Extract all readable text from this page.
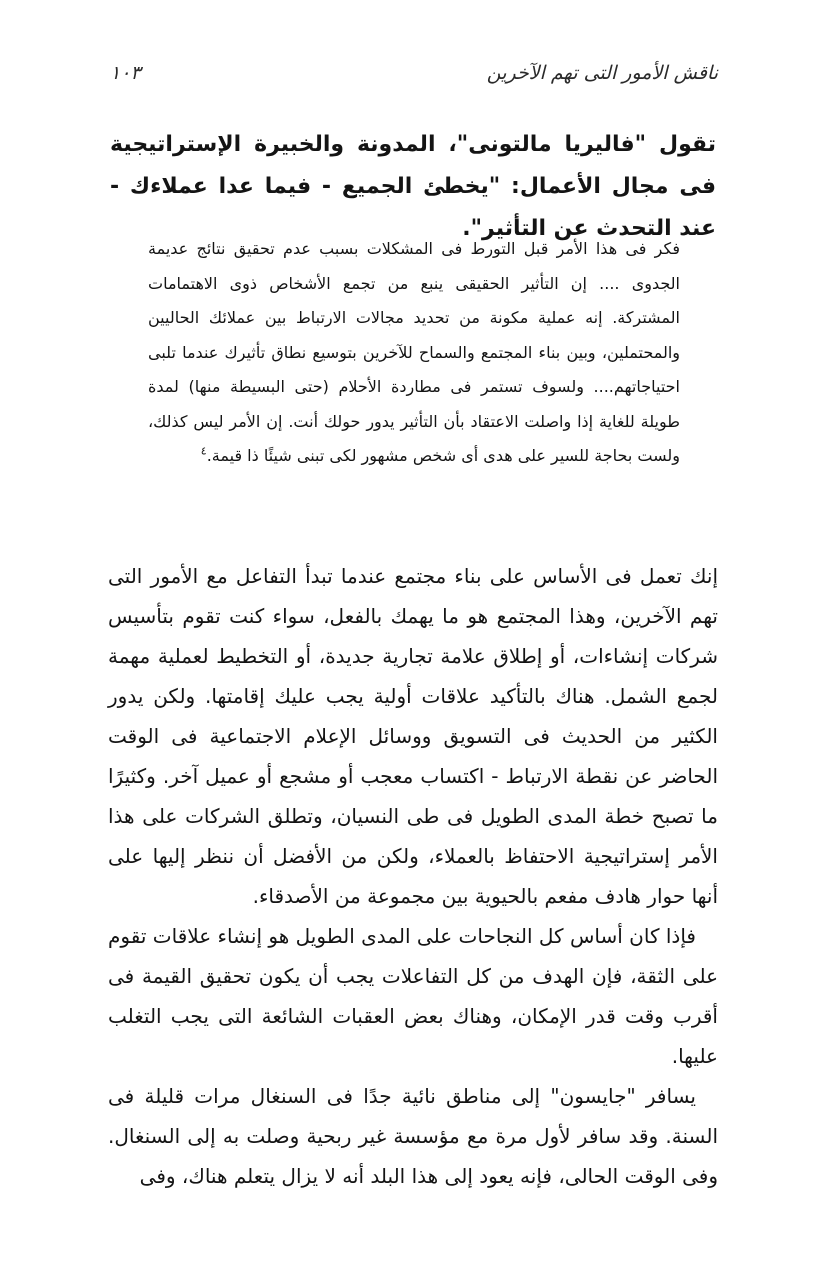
ناقش الأمور التى تهم الآخرين
١٠٣

تقول "فاليريا مالتونى"، المدونة والخبيرة الإستراتيجية فى مجال الأعمال: "يخطئ الجميع - فيما عدا عملاءك - عند التحدث عن التأثير".

فكر فى هذا الأمر قبل التورط فى المشكلات بسبب عدم تحقيق نتائج عديمة الجدوى .... إن التأثير الحقيقى ينبع من تجمع الأشخاص ذوى الاهتمامات المشتركة. إنه عملية مكونة من تحديد مجالات الارتباط بين عملائك الحاليين والمحتملين، وبين بناء المجتمع والسماح للآخرين بتوسيع نطاق تأثيرك عندما تلبى احتياجاتهم.... ولسوف تستمر فى مطاردة الأحلام (حتى البسيطة منها) لمدة طويلة للغاية إذا واصلت الاعتقاد بأن التأثير يدور حولك أنت. إن الأمر ليس كذلك، ولست بحاجة للسير على هدى أى شخص مشهور لكى تبنى شيئًا ذا قيمة.$^٤$

إنك تعمل فى الأساس على بناء مجتمع عندما تبدأ التفاعل مع الأمور التى تهم الآخرين، وهذا المجتمع هو ما يهمك بالفعل، سواء كنت تقوم بتأسيس شركات إنشاءات، أو إطلاق علامة تجارية جديدة، أو التخطيط لعملية مهمة لجمع الشمل. هناك بالتأكيد علاقات أولية يجب عليك إقامتها. ولكن يدور الكثير من الحديث فى التسويق ووسائل الإعلام الاجتماعية فى الوقت الحاضر عن نقطة الارتباط - اكتساب معجب أو مشجع أو عميل آخر. وكثيرًا ما تصبح خطة المدى الطويل فى طى النسيان، وتطلق الشركات على هذا الأمر إستراتيجية الاحتفاظ بالعملاء، ولكن من الأفضل أن ننظر إليها على أنها حوار هادف مفعم بالحيوية بين مجموعة من الأصدقاء.

فإذا كان أساس كل النجاحات على المدى الطويل هو إنشاء علاقات تقوم على الثقة، فإن الهدف من كل التفاعلات يجب أن يكون تحقيق القيمة فى أقرب وقت قدر الإمكان، وهناك بعض العقبات الشائعة التى يجب التغلب عليها.

يسافر "جايسون" إلى مناطق نائية جدًا فى السنغال مرات قليلة فى السنة. وقد سافر لأول مرة مع مؤسسة غير ربحية وصلت به إلى السنغال. وفى الوقت الحالى، فإنه يعود إلى هذا البلد أنه لا يزال يتعلم هناك، وفى
